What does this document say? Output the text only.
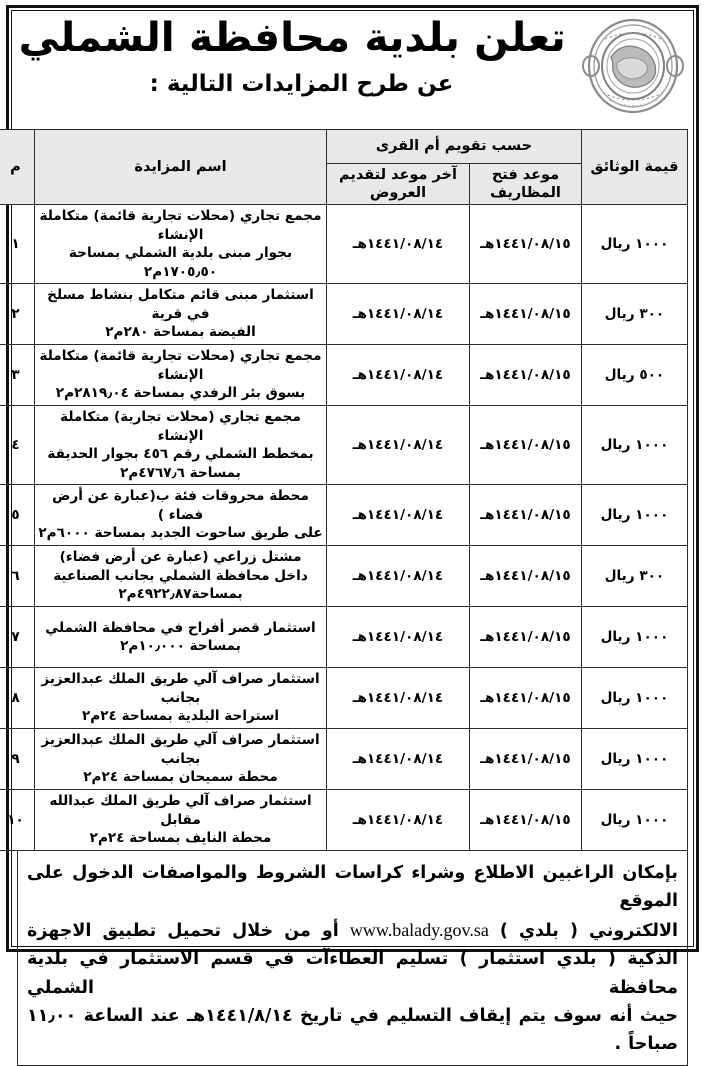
تعلن بلدية محافظة الشملي
عن طرح المزايدات التالية :
قيمة الوثائق	حسب تقويم أم القرى		اسم المزايدة	م
	موعد فتح المظاريف	آخر موعد لتقديم العروض		
١٠٠٠ ريال	١٤٤١/٠٨/١٥هـ	١٤٤١/٠٨/١٤هـ	مجمع تجاري (محلات تجارية قائمة) متكاملة الإنشاء
بجوار مبنى بلدية الشملي بمساحة ١٧٠٥٫٥٠م٢	١
٣٠٠ ريال	١٤٤١/٠٨/١٥هـ	١٤٤١/٠٨/١٤هـ	استثمار مبنى قائم متكامل بنشاط مسلخ في قرية
الفيضة بمساحة ٢٨٠م٢	٢
٥٠٠ ريال	١٤٤١/٠٨/١٥هـ	١٤٤١/٠٨/١٤هـ	مجمع تجاري (محلات تجارية قائمة) متكاملة الإنشاء
بسوق بئر الرفدي بمساحة ٢٨١٩٫٠٤م٢	٣
١٠٠٠ ريال	١٤٤١/٠٨/١٥هـ	١٤٤١/٠٨/١٤هـ	مجمع تجاري (محلات تجارية) متكاملة الإنشاء
بمخطط الشملي رقم ٤٥٦ بجوار الحديقة
بمساحة ٤٧٦٧٫٦م٢	٤
١٠٠٠ ريال	١٤٤١/٠٨/١٥هـ	١٤٤١/٠٨/١٤هـ	محطة محروقات فئة ب(عبارة عن أرض فضاء )
على طريق ساحوت الجديد بمساحة ٦٠٠٠م٢	٥
٣٠٠ ريال	١٤٤١/٠٨/١٥هـ	١٤٤١/٠٨/١٤هـ	مشتل زراعي (عبارة عن أرض فضاء)
داخل محافظة الشملي بجانب الصناعية
بمساحة٤٩٢٢٫٨٧م٢	٦
١٠٠٠ ريال	١٤٤١/٠٨/١٥هـ	١٤٤١/٠٨/١٤هـ	استثمار قصر أفراح في محافظة الشملي
بمساحة ١٠٫٠٠٠م٢	٧
١٠٠٠ ريال	١٤٤١/٠٨/١٥هـ	١٤٤١/٠٨/١٤هـ	استثمار صراف آلي طريق الملك عبدالعزيز بجانب
استراحة البلدية بمساحة ٢٤م٢	٨
١٠٠٠ ريال	١٤٤١/٠٨/١٥هـ	١٤٤١/٠٨/١٤هـ	استثمار صراف آلي طريق الملك عبدالعزيز بجانب
محطة سميحان بمساحة ٢٤م٢	٩
١٠٠٠ ريال	١٤٤١/٠٨/١٥هـ	١٤٤١/٠٨/١٤هـ	استثمار صراف آلي طريق الملك عبدالله مقابل
محطة النايف بمساحة ٢٤م٢	١٠
بإمكان الراغبين الاطلاع وشراء كراسات الشروط والمواصفات الدخول على الموقع
الالكتروني ( بلدي ) www.balady.gov.sa أو من خلال تحميل تطبيق الاجهزة
الذكية ( بلدي استثمار ) تسليم العطاءآت في قسم الاستثمار في بلدية محافظة الشملي
حيث أنه سوف يتم إيقاف التسليم في تاريخ ١٤٤١/٨/١٤هـ عند الساعة ١١٫٠٠ صباحاً .
